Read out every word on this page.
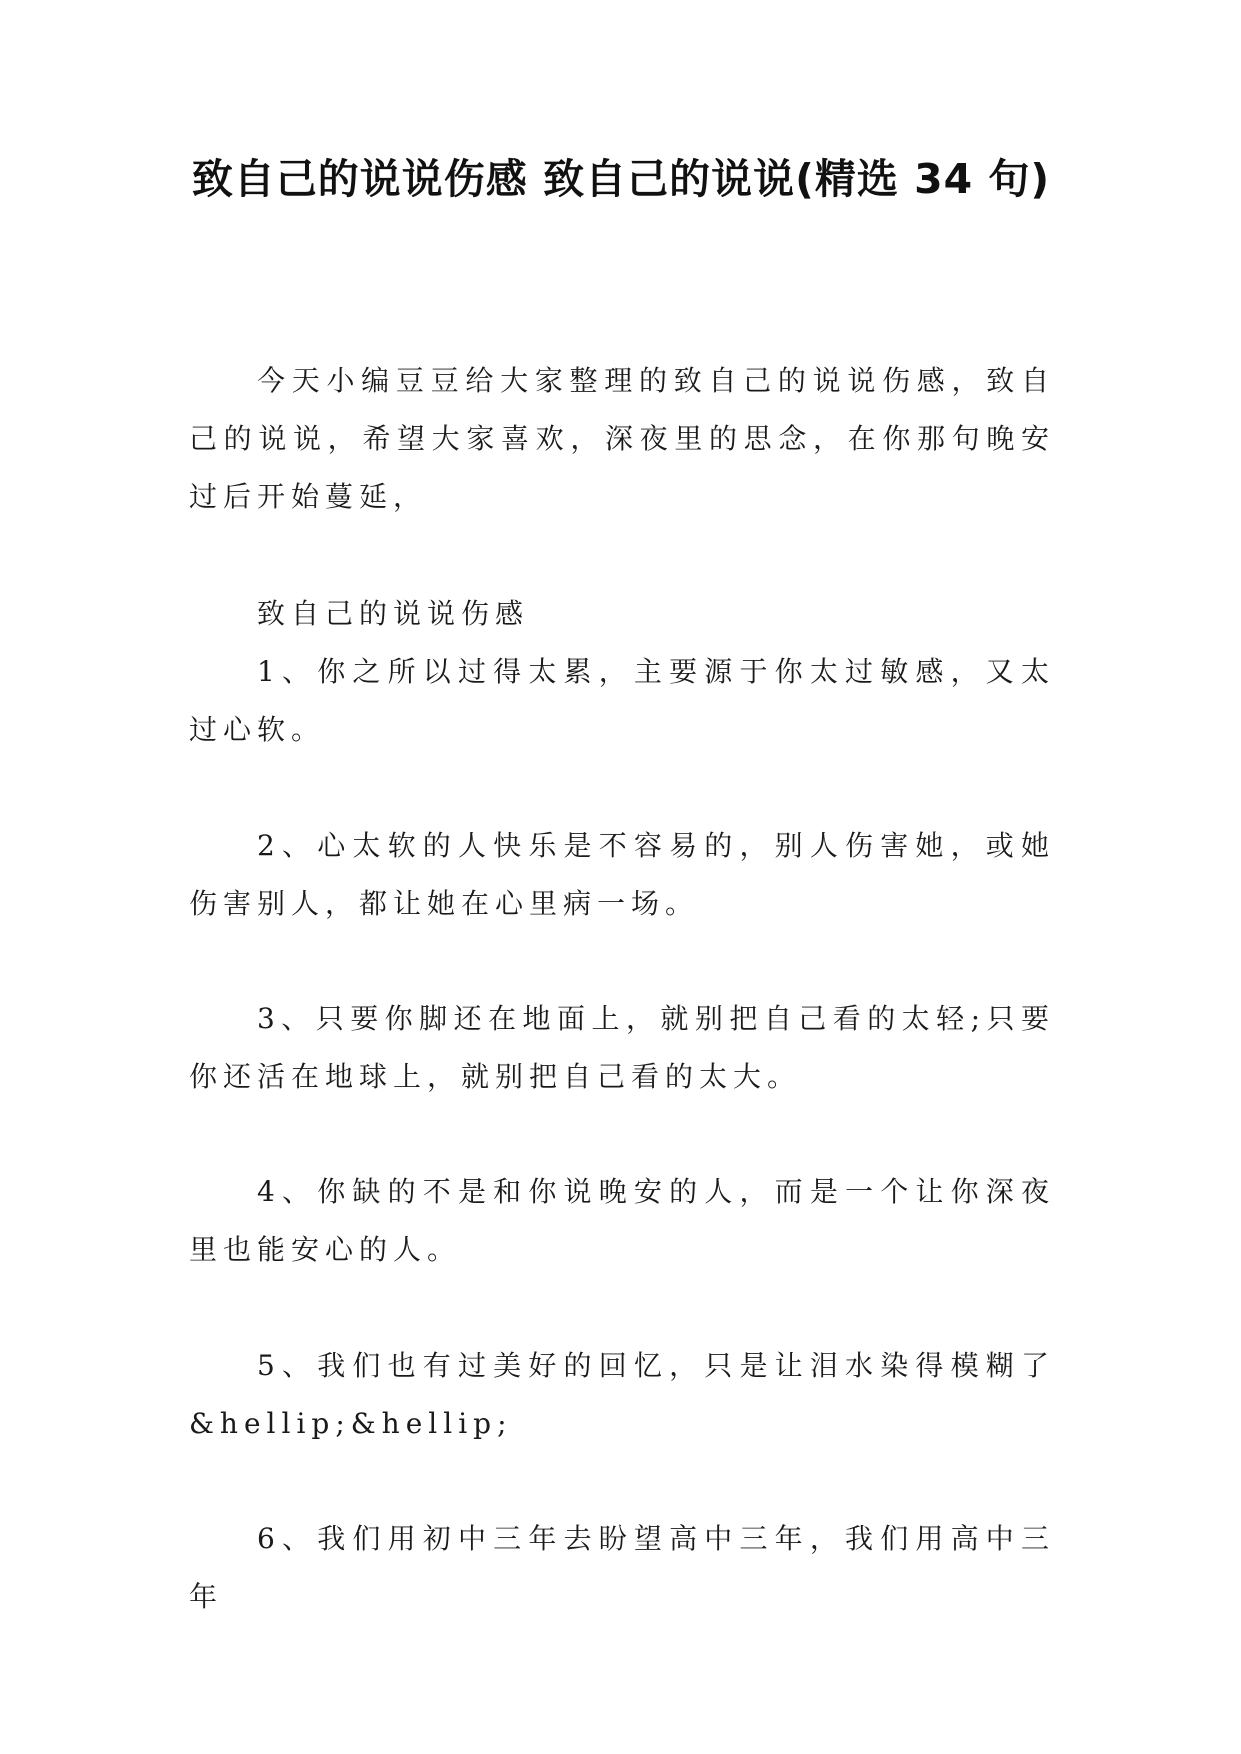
致自己的说说伤感 致自己的说说(精选 34 句)
今天小编豆豆给大家整理的致自己的说说伤感，致自己的说说，希望大家喜欢，深夜里的思念，在你那句晚安过后开始蔓延，
致自己的说说伤感
1、你之所以过得太累，主要源于你太过敏感，又太过心软。
2、心太软的人快乐是不容易的，别人伤害她，或她伤害别人，都让她在心里病一场。
3、只要你脚还在地面上，就别把自己看的太轻;只要你还活在地球上，就别把自己看的太大。
4、你缺的不是和你说晚安的人，而是一个让你深夜里也能安心的人。
5、我们也有过美好的回忆，只是让泪水染得模糊了&hellip;&hellip;
6、我们用初中三年去盼望高中三年，我们用高中三年
